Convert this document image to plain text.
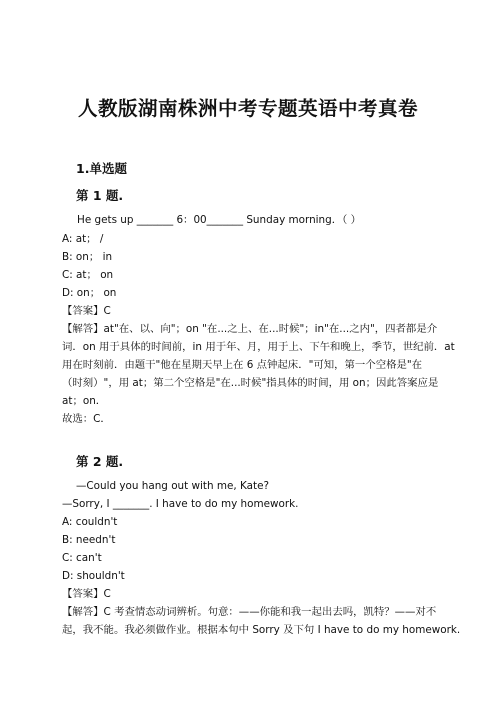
人教版湖南株洲中考专题英语中考真卷
1.单选题
第 1 题.
He gets up _______ 6：00_______ Sunday morning．（ ）
A: at； /
B: on； in
C: at； on
D: on； on
【答案】C
【解答】at"在、以、向"；on "在...之上、在...时候"；in"在...之内"，四者都是介
词．on 用于具体的时间前，in 用于年、月，用于上、下午和晚上，季节，世纪前．at
用在时刻前．由题干"他在星期天早上在 6 点钟起床．"可知，第一个空格是"在
（时刻）"，用 at；第二个空格是"在...时候"指具体的时间，用 on；因此答案应是
at；on．
故选：C．
第 2 题.
—Could you hang out with me, Kate?
—Sorry, I _______. I have to do my homework.
A: couldn't
B: needn't
C: can't
D: shouldn't
【答案】C
【解答】C 考查情态动词辨析。句意：——你能和我一起出去吗，凯特？——对不
起，我不能。我必须做作业。根据本句中 Sorry 及下句 I have to do my homework.
